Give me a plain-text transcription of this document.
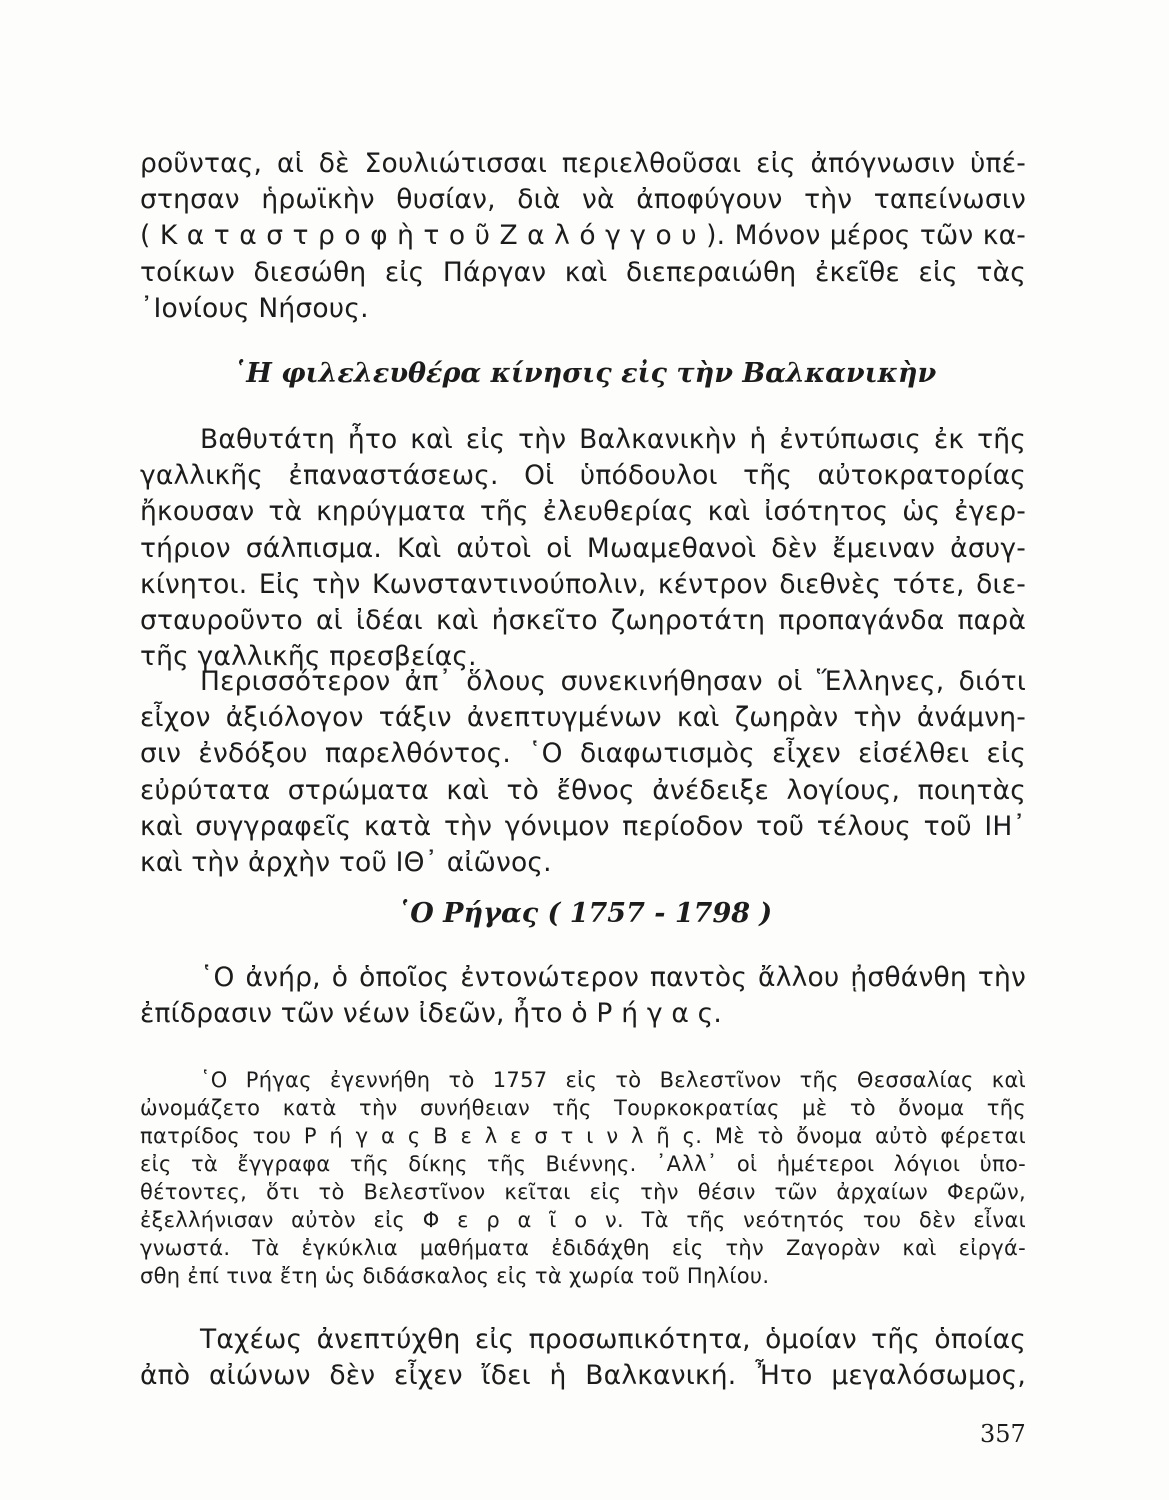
ροῦντας, αἱ δὲ Σουλιώτισσαι περιελθοῦσαι εἰς ἀπόγνωσιν ὑπέ-
στησαν ἡρωϊκὴν θυσίαν, διὰ νὰ ἀποφύγουν τὴν ταπείνωσιν
( Κ α τ α σ τ ρ ο φ ὴ τ ο ῦ Ζ α λ ό γ γ ο υ ). Μόνον μέρος τῶν κα-
τοίκων διεσώθη εἰς Πάργαν καὶ διεπεραιώθη ἐκεῖθε εἰς τὰς
᾿Ιονίους Νήσους.
῾Η φιλελευθέρα κίνησις εἰς τὴν Βαλκανικὴν
Βαθυτάτη ἦτο καὶ εἰς τὴν Βαλκανικὴν ἡ ἐντύπωσις ἐκ τῆς
γαλλικῆς ἐπαναστάσεως. Οἱ ὑπόδουλοι τῆς αὐτοκρατορίας
ἤκουσαν τὰ κηρύγματα τῆς ἐλευθερίας καὶ ἰσότητος ὡς ἐγερ-
τήριον σάλπισμα. Καὶ αὐτοὶ οἱ Μωαμεθανοὶ δὲν ἔμειναν ἀσυγ-
κίνητοι. Εἰς τὴν Κωνσταντινούπολιν, κέντρον διεθνὲς τότε, διε-
σταυροῦντο αἱ ἰδέαι καὶ ἠσκεῖτο ζωηροτάτη προπαγάνδα παρὰ
τῆς γαλλικῆς πρεσβείας.
Περισσότερον ἀπ᾿ ὅλους συνεκινήθησαν οἱ Ἕλληνες, διότι
εἶχον ἀξιόλογον τάξιν ἀνεπτυγμένων καὶ ζωηρὰν τὴν ἀνάμνη-
σιν ἐνδόξου παρελθόντος. ῾Ο διαφωτισμὸς εἶχεν εἰσέλθει εἰς
εὐρύτατα στρώματα καὶ τὸ ἔθνος ἀνέδειξε λογίους, ποιητὰς
καὶ συγγραφεῖς κατὰ τὴν γόνιμον περίοδον τοῦ τέλους τοῦ ΙΗ᾿
καὶ τὴν ἀρχὴν τοῦ ΙΘ᾿ αἰῶνος.
῾Ο Ρήγας ( 1757 - 1798 )
῾Ο ἀνήρ, ὁ ὁποῖος ἐντονώτερον παντὸς ἄλλου ᾐσθάνθη τὴν
ἐπίδρασιν τῶν νέων ἰδεῶν, ἦτο ὁ Ρ ή γ α ς.
῾Ο Ρήγας ἐγεννήθη τὸ 1757 εἰς τὸ Βελεστῖνον τῆς Θεσσαλίας καὶ
ὠνομάζετο κατὰ τὴν συνήθειαν τῆς Τουρκοκρατίας μὲ τὸ ὄνομα τῆς
πατρίδος του Ρ ή γ α ς Β ε λ ε σ τ ι ν λ ῆ ς. Μὲ τὸ ὄνομα αὐτὸ φέρεται
εἰς τὰ ἔγγραφα τῆς δίκης τῆς Βιέννης. ᾿Αλλ᾿ οἱ ἡμέτεροι λόγιοι ὑπο-
θέτοντες, ὅτι τὸ Βελεστῖνον κεῖται εἰς τὴν θέσιν τῶν ἀρχαίων Φερῶν,
ἐξελλήνισαν αὐτὸν εἰς Φ ε ρ α ῖ ο ν. Τὰ τῆς νεότητός του δὲν εἶναι
γνωστά. Τὰ ἐγκύκλια μαθήματα ἐδιδάχθη εἰς τὴν Ζαγορὰν καὶ εἰργά-
σθη ἐπί τινα ἔτη ὡς διδάσκαλος εἰς τὰ χωρία τοῦ Πηλίου.
Ταχέως ἀνεπτύχθη εἰς προσωπικότητα, ὁμοίαν τῆς ὁποίας
ἀπὸ αἰώνων δὲν εἶχεν ἴδει ἡ Βαλκανική. Ἦτο μεγαλόσωμος,
357
